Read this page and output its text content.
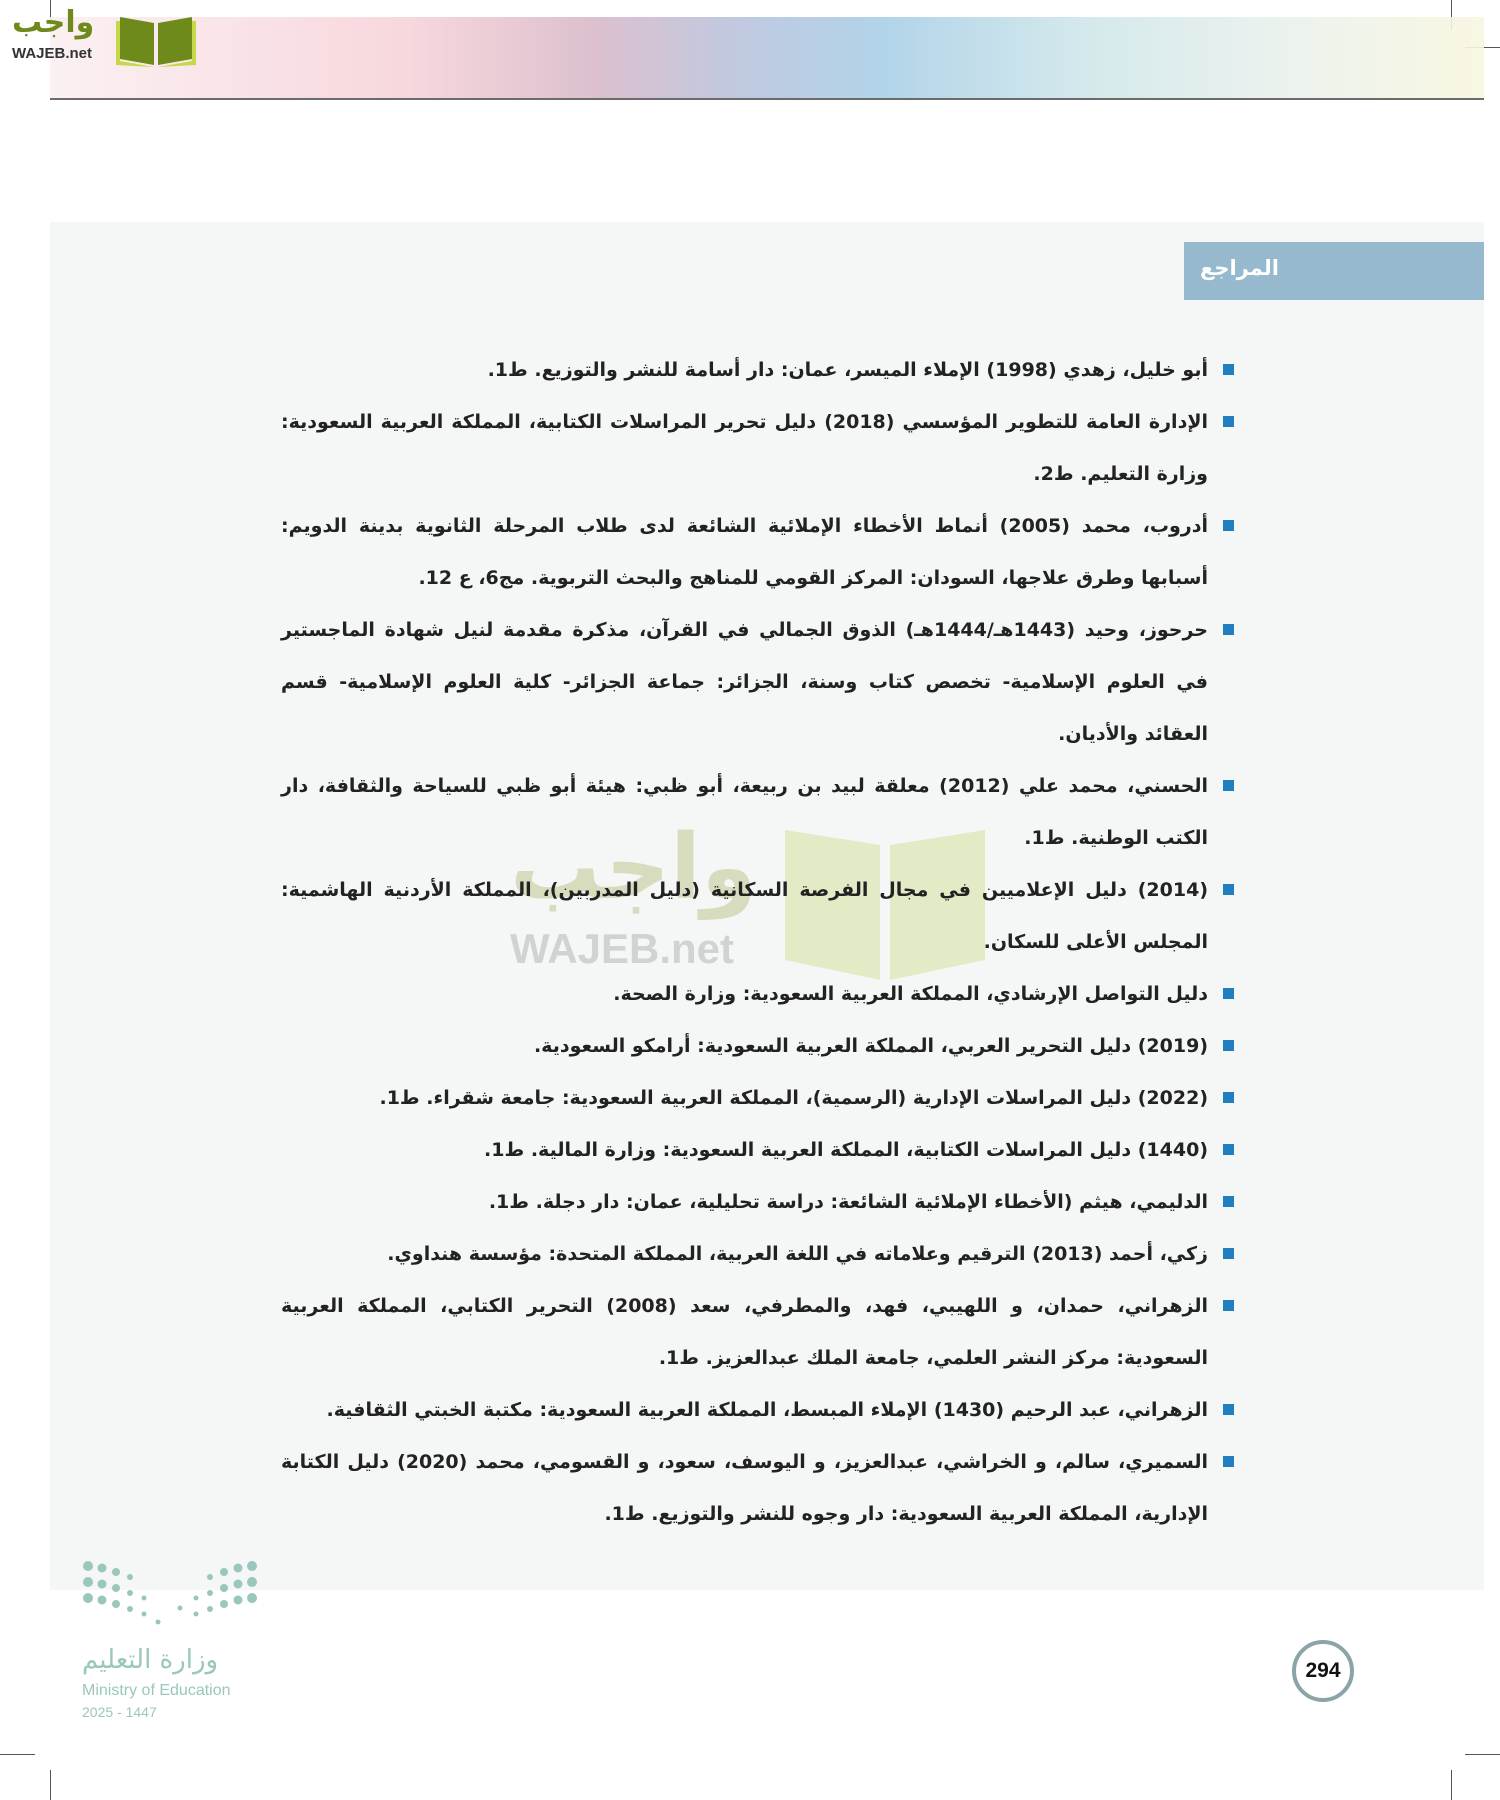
واجب
WAJEB.net
المراجع
واجب
WAJEB.net
أبو خليل، زهدي (1998) الإملاء الميسر، عمان: دار أسامة للنشر والتوزيع. ط1.
الإدارة العامة للتطوير المؤسسي (2018) دليل تحرير المراسلات الكتابية، المملكة العربية السعودية: وزارة التعليم. ط2.
أدروب، محمد (2005) أنماط الأخطاء الإملائية الشائعة لدى طلاب المرحلة الثانوية بدينة الدويم: أسبابها وطرق علاجها، السودان: المركز القومي للمناهج والبحث التربوية. مج6، ع 12.
حرحوز، وحيد (1443هـ/1444هـ) الذوق الجمالي في القرآن، مذكرة مقدمة لنيل شهادة الماجستير في العلوم الإسلامية- تخصص كتاب وسنة، الجزائر: جماعة الجزائر- كلية العلوم الإسلامية- قسم العقائد والأديان.
الحسني، محمد علي (2012) معلقة لبيد بن ربيعة، أبو ظبي: هيئة أبو ظبي للسياحة والثقافة، دار الكتب الوطنية. ط1.
(2014) دليل الإعلاميين في مجال الفرصة السكانية (دليل المدربين)، المملكة الأردنية الهاشمية: المجلس الأعلى للسكان.
دليل التواصل الإرشادي، المملكة العربية السعودية: وزارة الصحة.
(2019) دليل التحرير العربي، المملكة العربية السعودية: أرامكو السعودية.
(2022) دليل المراسلات الإدارية (الرسمية)، المملكة العربية السعودية: جامعة شقراء. ط1.
(1440) دليل المراسلات الكتابية، المملكة العربية السعودية: وزارة المالية. ط1.
الدليمي، هيثم (الأخطاء الإملائية الشائعة: دراسة تحليلية، عمان: دار دجلة. ط1.
زكي، أحمد (2013) الترقيم وعلاماته في اللغة العربية، المملكة المتحدة: مؤسسة هنداوي.
الزهراني، حمدان، و اللهيبي، فهد، والمطرفي، سعد (2008) التحرير الكتابي، المملكة العربية السعودية: مركز النشر العلمي، جامعة الملك عبدالعزيز. ط1.
الزهراني، عبد الرحيم (1430) الإملاء المبسط، المملكة العربية السعودية: مكتبة الخبتي الثقافية.
السميري، سالم، و الخراشي، عبدالعزيز، و اليوسف، سعود، و القسومي، محمد (2020) دليل الكتابة الإدارية، المملكة العربية السعودية: دار وجوه للنشر والتوزيع. ط1.
وزارة التعليم
Ministry of Education
2025 - 1447
294
